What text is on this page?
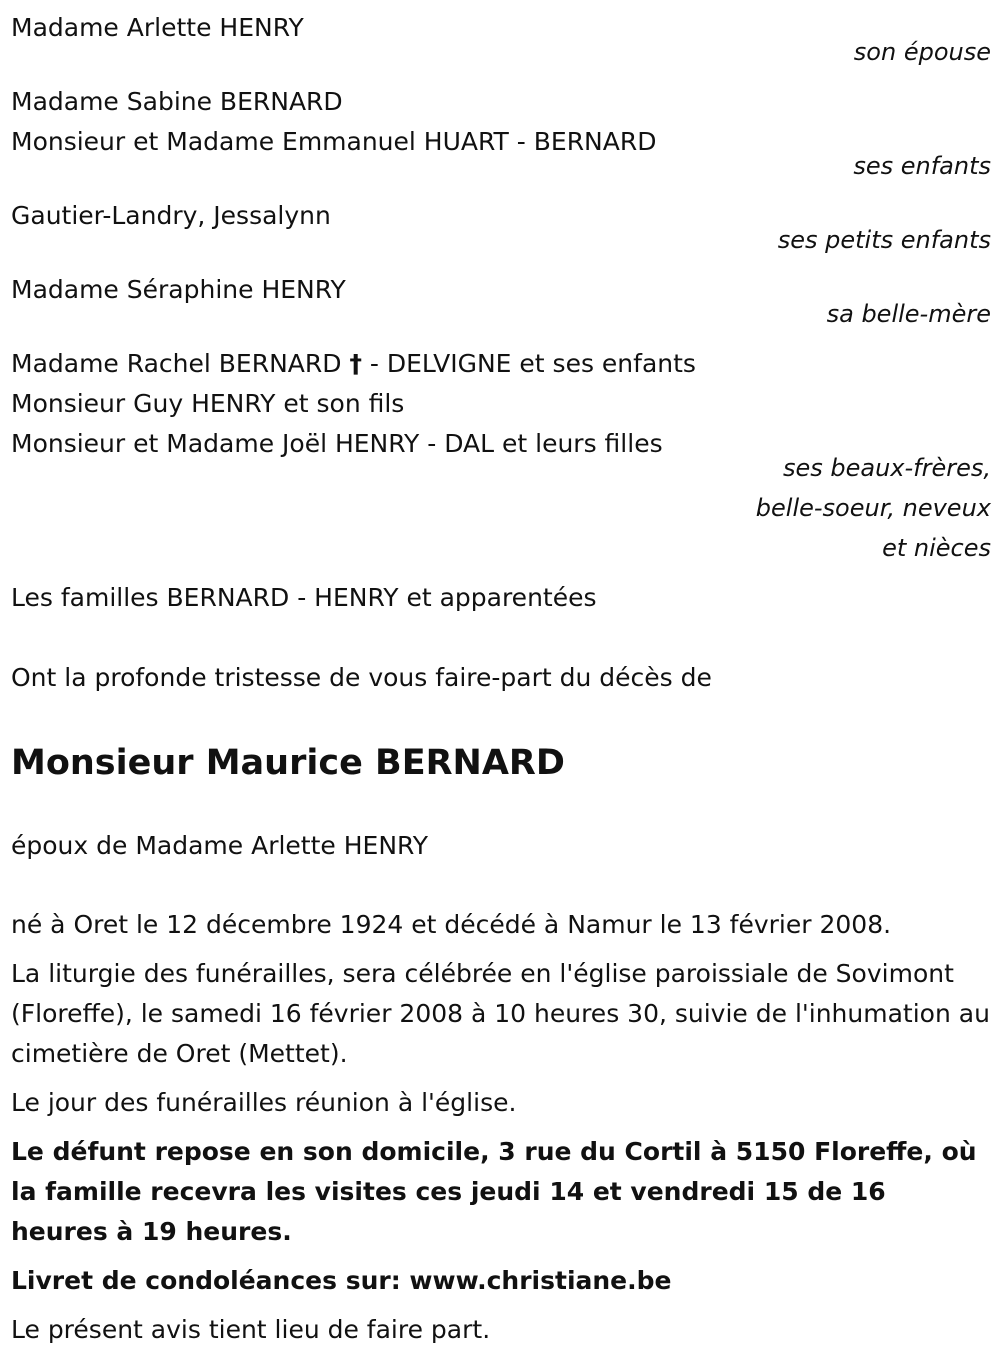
Madame Arlette HENRY
son épouse
Madame Sabine BERNARD
Monsieur et Madame Emmanuel HUART - BERNARD
ses enfants
Gautier-Landry, Jessalynn
ses petits enfants
Madame Séraphine HENRY
sa belle-mère
Madame Rachel BERNARD † - DELVIGNE et ses enfants
Monsieur Guy HENRY et son fils
Monsieur et Madame Joël HENRY - DAL et leurs filles
ses beaux-frères,
belle-soeur, neveux
et nièces
Les familles BERNARD - HENRY et apparentées
Ont la profonde tristesse de vous faire-part du décès de
Monsieur Maurice BERNARD
époux de Madame Arlette HENRY
né à Oret le 12 décembre 1924 et décédé à Namur le 13 février 2008.
La liturgie des funérailles, sera célébrée en l'église paroissiale de Sovimont (Floreffe), le samedi 16 février 2008 à 10 heures 30, suivie de l'inhumation au cimetière de Oret (Mettet).
Le jour des funérailles réunion à l'église.
Le défunt repose en son domicile, 3 rue du Cortil à 5150 Floreffe, où la famille recevra les visites ces jeudi 14 et vendredi 15 de 16 heures à 19 heures.
Livret de condoléances sur: www.christiane.be
Le présent avis tient lieu de faire part.
